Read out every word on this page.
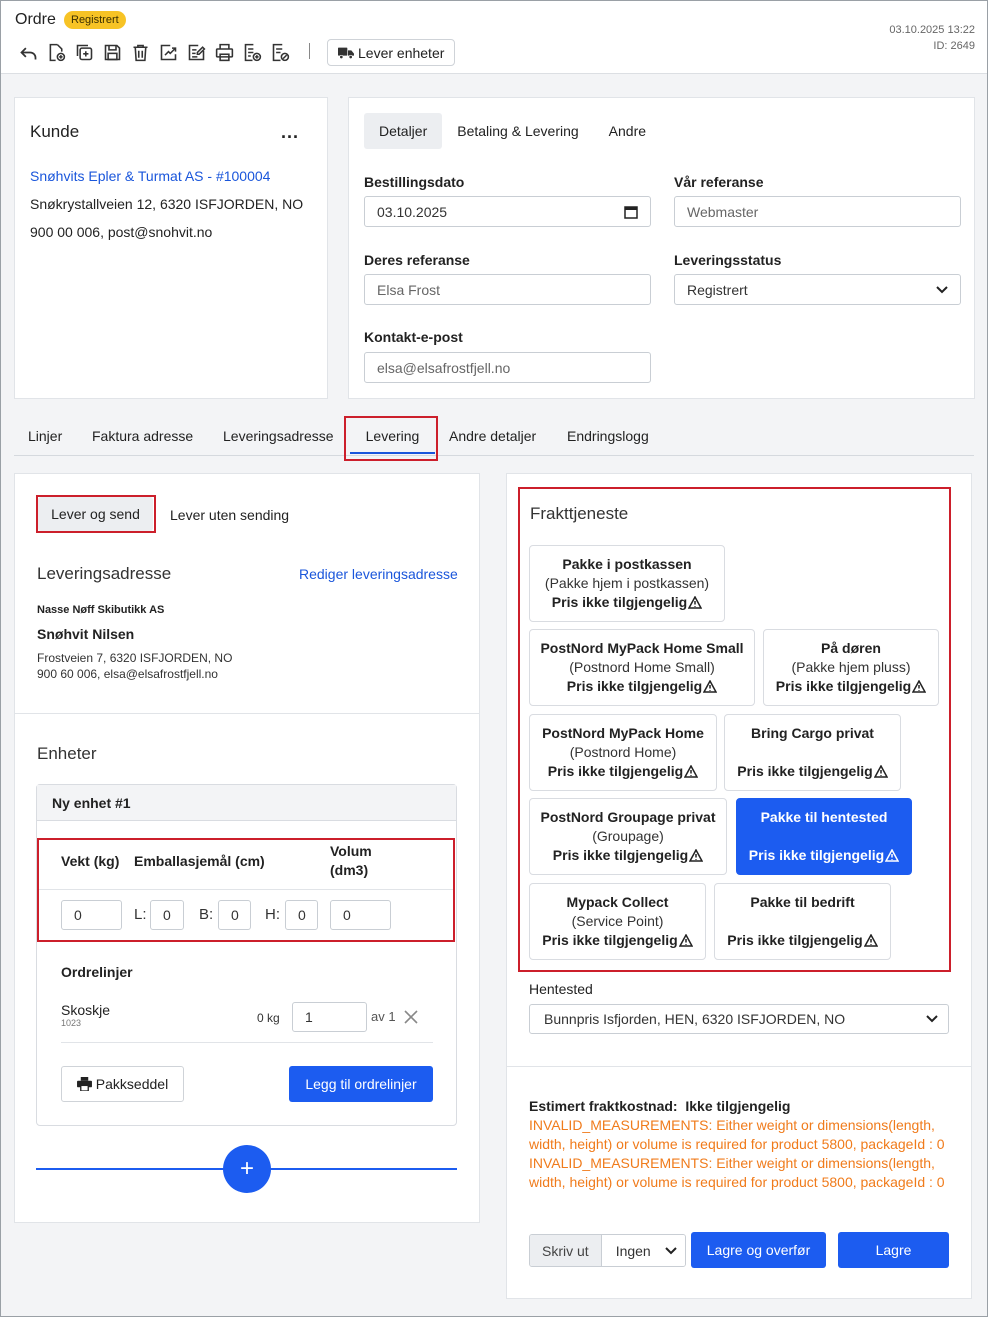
Ordre	Registrert
03.10.2025 13:22
ID: 2649
Lever enheter
Kunde	...
Snøhvits Epler & Turmat AS - #100004
Snøkrystallveien 12, 6320 ISFJORDEN, NO
900 00 006, post@snohvit.no
Detaljer	Betaling & Levering	Andre
Bestillingsdato
03.10.2025
Vår referanse
Webmaster
Deres referanse
Elsa Frost
Leveringsstatus
Registrert
Kontakt-e-post
elsa@elsafrostfjell.no
Linjer Faktura adresse Leveringsadresse	Levering	Andre detaljer Endringslogg
Lever og send	Lever uten sending
Leveringsadresse	Rediger leveringsadresse
Nasse Nøff Skibutikk AS
Snøhvit Nilsen
Frostveien 7, 6320 ISFJORDEN, NO
900 60 006, elsa@elsafrostfjell.no
Enheter
Ny enhet #1
Vekt (kg) Emballasjemål (cm)
Volum
(dm3)
0	L:	0	B:	0	H:	0	0
Ordrelinjer
Skoskje
1023	0 kg	1	av 1
Pakkseddel	Legg til ordrelinjer
+
Frakttjeneste
Pakke i postkassen
(Pakke hjem i postkassen)
Pris ikke tilgjengelig
PostNord MyPack Home Small
(Postnord Home Small)
Pris ikke tilgjengelig
På døren
(Pakke hjem pluss)
Pris ikke tilgjengelig
PostNord MyPack Home
(Postnord Home)
Pris ikke tilgjengelig
Bring Cargo privat
Pris ikke tilgjengelig
PostNord Groupage privat
(Groupage)
Pris ikke tilgjengelig
Pakke til hentested
Pris ikke tilgjengelig
Mypack Collect
(Service Point)
Pris ikke tilgjengelig
Pakke til bedrift
Pris ikke tilgjengelig
Hentested
Bunnpris Isfjorden, HEN, 6320 ISFJORDEN, NO
Estimert fraktkostnad: Ikke tilgjengelig
INVALID_MEASUREMENTS: Either weight or dimensions(length, width, height) or volume is required for product 5800, packageId : 0 INVALID_MEASUREMENTS: Either weight or dimensions(length, width, height) or volume is required for product 5800, packageId : 0
Skriv ut	Ingen	Lagre og overfør	Lagre
